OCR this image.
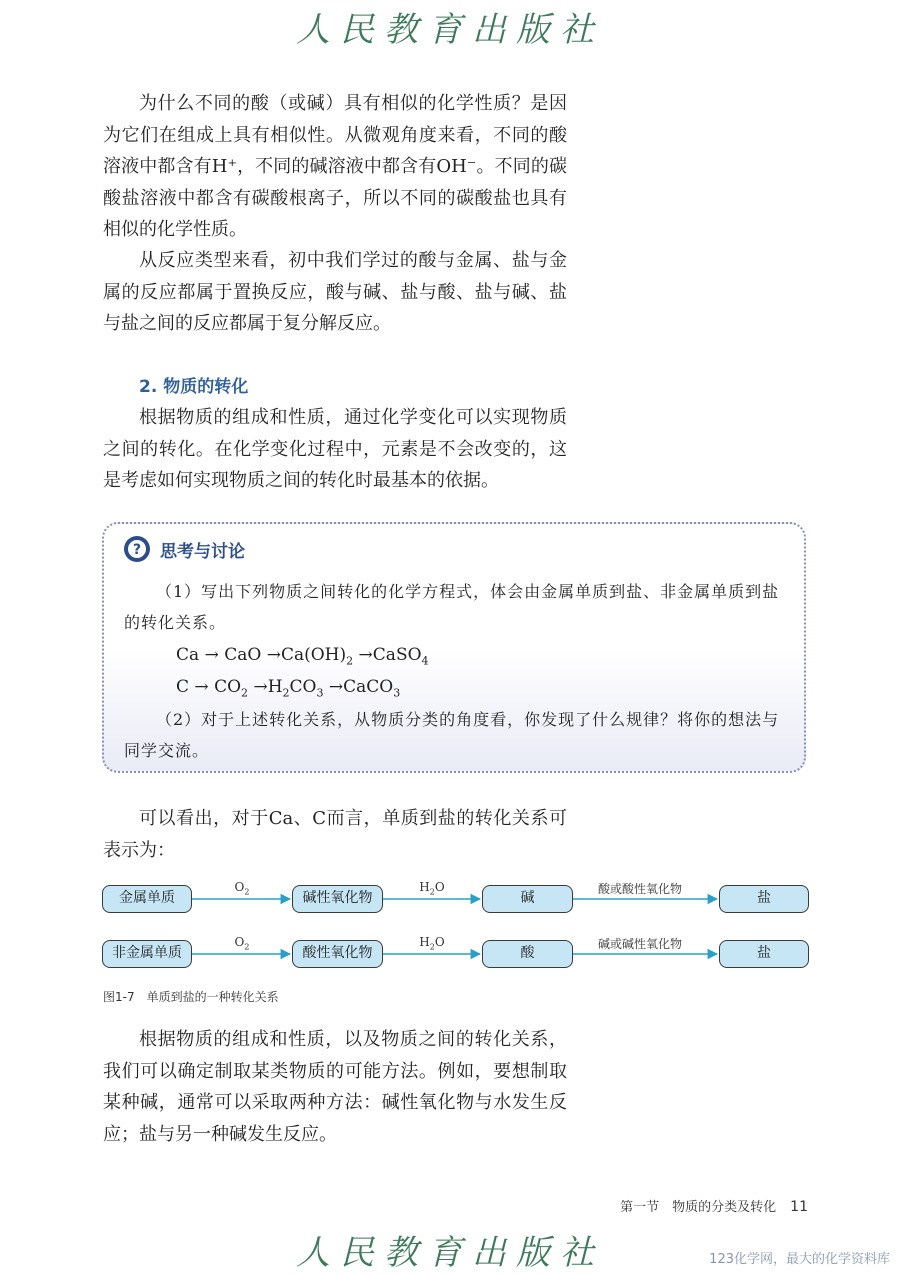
人民教育出版社

为什么不同的酸（或碱）具有相似的化学性质？是因为它们在组成上具有相似性。从微观角度来看，不同的酸溶液中都含有H⁺，不同的碱溶液中都含有OH⁻。不同的碳酸盐溶液中都含有碳酸根离子，所以不同的碳酸盐也具有相似的化学性质。

从反应类型来看，初中我们学过的酸与金属、盐与金属的反应都属于置换反应，酸与碱、盐与酸、盐与碱、盐与盐之间的反应都属于复分解反应。

2. 物质的转化

根据物质的组成和性质，通过化学变化可以实现物质之间的转化。在化学变化过程中，元素是不会改变的，这是考虑如何实现物质之间的转化时最基本的依据。

? 思考与讨论

（1）写出下列物质之间转化的化学方程式，体会由金属单质到盐、非金属单质到盐的转化关系。

Ca → CaO $\to Ca(OH)_2$ →CaSO$_4$
$C \to CO_2 \to H_2CO_3$ →CaCO$_3$

（2）对于上述转化关系，从物质分类的角度看，你发现了什么规律？将你的想法与同学交流。

可以看出，对于Ca、C而言，单质到盐的转化关系可表示为：

金属单质	碱性氧化物	碱	盐
$O_2$	$H_2O$	酸或酸性氧化物
非金属单质	酸性氧化物	酸	盐
$O_2$	$H_2O$	碱或碱性氧化物
图1-7　单质到盐的一种转化关系

根据物质的组成和性质，以及物质之间的转化关系，我们可以确定制取某类物质的可能方法。例如，要想制取某种碱，通常可以采取两种方法：碱性氧化物与水发生反应；盐与另一种碱发生反应。

第一节　物质的分类及转化 11
人民教育出版社	123化学网，最大的化学资料库
